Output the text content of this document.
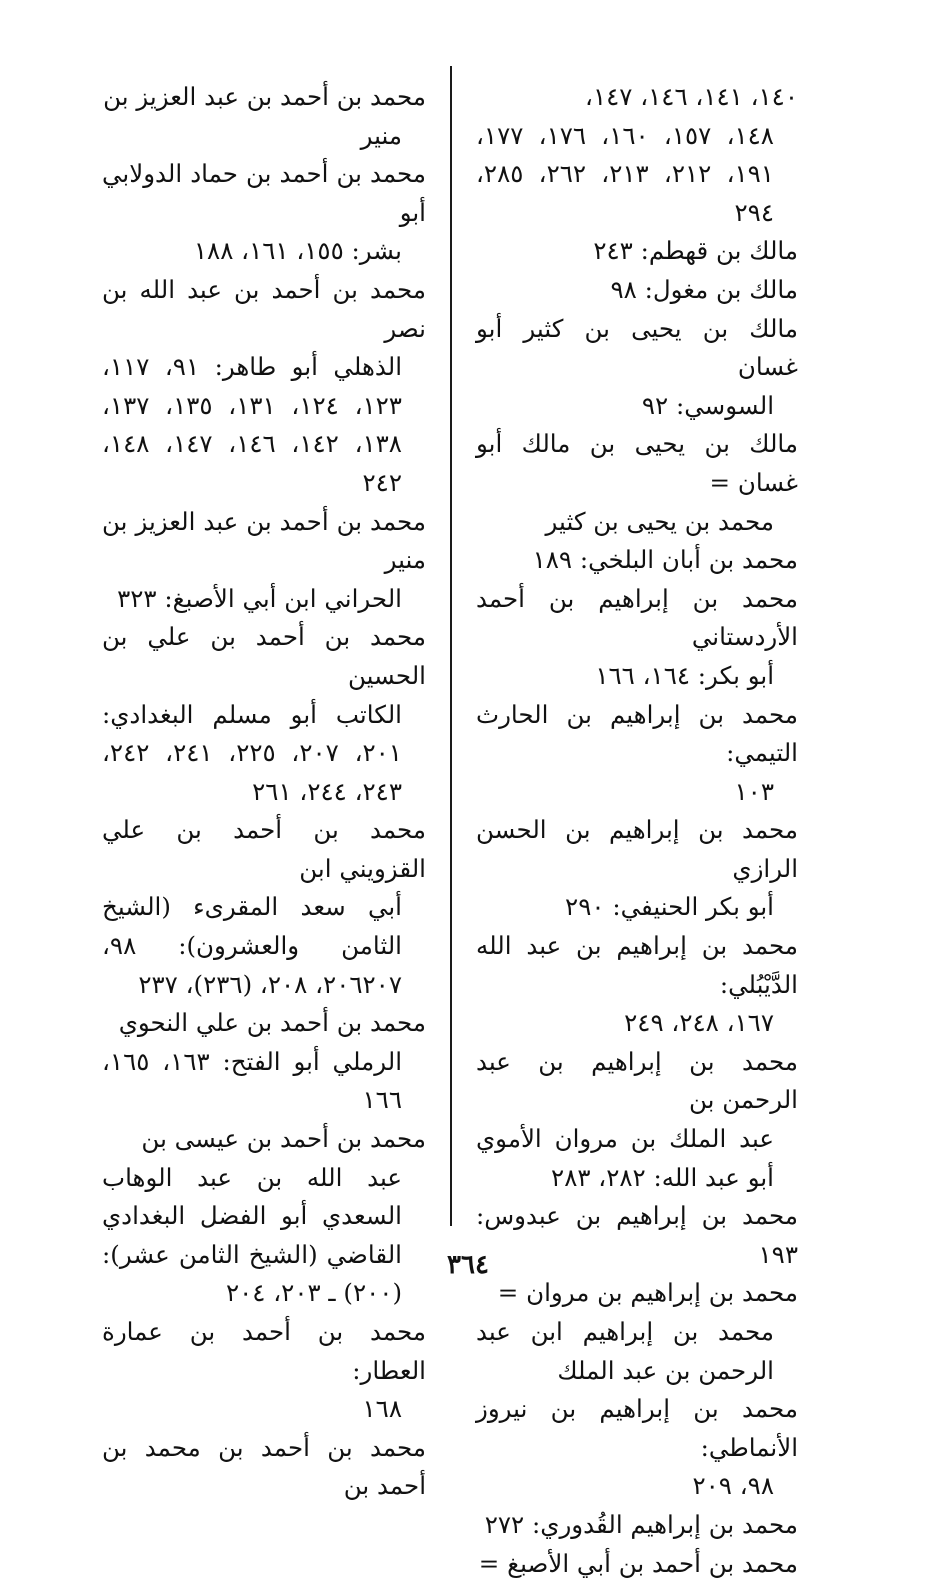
١٤٠، ١٤١، ١٤٦، ١٤٧،
١٤٨، ١٥٧، ١٦٠، ١٧٦، ١٧٧، ١٩١، ٢١٢، ٢١٣، ٢٦٢، ٢٨٥، ٢٩٤
مالك بن قهطم: ٢٤٣
مالك بن مغول: ٩٨
مالك بن يحيى بن كثير أبو غسان
السوسي: ٩٢
مالك بن يحيى بن مالك أبو غسان =
محمد بن يحيى بن كثير
محمد بن أبان البلخي: ١٨٩
محمد بن إبراهيم بن أحمد الأردستاني
أبو بكر: ١٦٤، ١٦٦
محمد بن إبراهيم بن الحارث التيمي:
١٠٣
محمد بن إبراهيم بن الحسن الرازي
أبو بكر الحنيفي: ٢٩٠
محمد بن إبراهيم بن عبد الله الدَّيْبُلي:
١٦٧، ٢٤٨، ٢٤٩
محمد بن إبراهيم بن عبد الرحمن بن
عبد الملك بن مروان الأموي أبو عبد الله: ٢٨٢، ٢٨٣
محمد بن إبراهيم بن عبدوس: ١٩٣
محمد بن إبراهيم بن مروان =
محمد بن إبراهيم ابن عبد الرحمن بن عبد الملك
محمد بن إبراهيم بن نيروز الأنماطي:
٩٨، ٢٠٩
محمد بن إبراهيم القُدوري: ٢٧٢
محمد بن أحمد بن أبي الأصبغ =
محمد بن أحمد بن عبد العزيز بن
منير
محمد بن أحمد بن حماد الدولابي أبو
بشر: ١٥٥، ١٦١، ١٨٨
محمد بن أحمد بن عبد الله بن نصر
الذهلي أبو طاهر: ٩١، ١١٧، ١٢٣، ١٢٤، ١٣١، ١٣٥، ١٣٧، ١٣٨، ١٤٢، ١٤٦، ١٤٧، ١٤٨، ٢٤٢
محمد بن أحمد بن عبد العزيز بن منير
الحراني ابن أبي الأصبغ: ٣٢٣
محمد بن أحمد بن علي بن الحسين
الكاتب أبو مسلم البغدادي: ٢٠١، ٢٠٧، ٢٢٥، ٢٤١، ٢٤٢، ٢٤٣، ٢٤٤، ٢٦١
محمد بن أحمد بن علي القزويني ابن
أبي سعد المقرىء (الشيخ الثامن والعشرون): ٩٨، ٢٠٦٢٠٧، ٢٠٨، (٢٣٦)، ٢٣٧
محمد بن أحمد بن علي النحوي
الرملي أبو الفتح: ١٦٣، ١٦٥، ١٦٦
محمد بن أحمد بن عيسى بن
عبد الله بن عبد الوهاب السعدي أبو الفضل البغدادي القاضي (الشيخ الثامن عشر): (٢٠٠) ـ ٢٠٣، ٢٠٤
محمد بن أحمد بن عمارة العطار:
١٦٨
محمد بن أحمد بن محمد بن أحمد بن
٣٦٤
